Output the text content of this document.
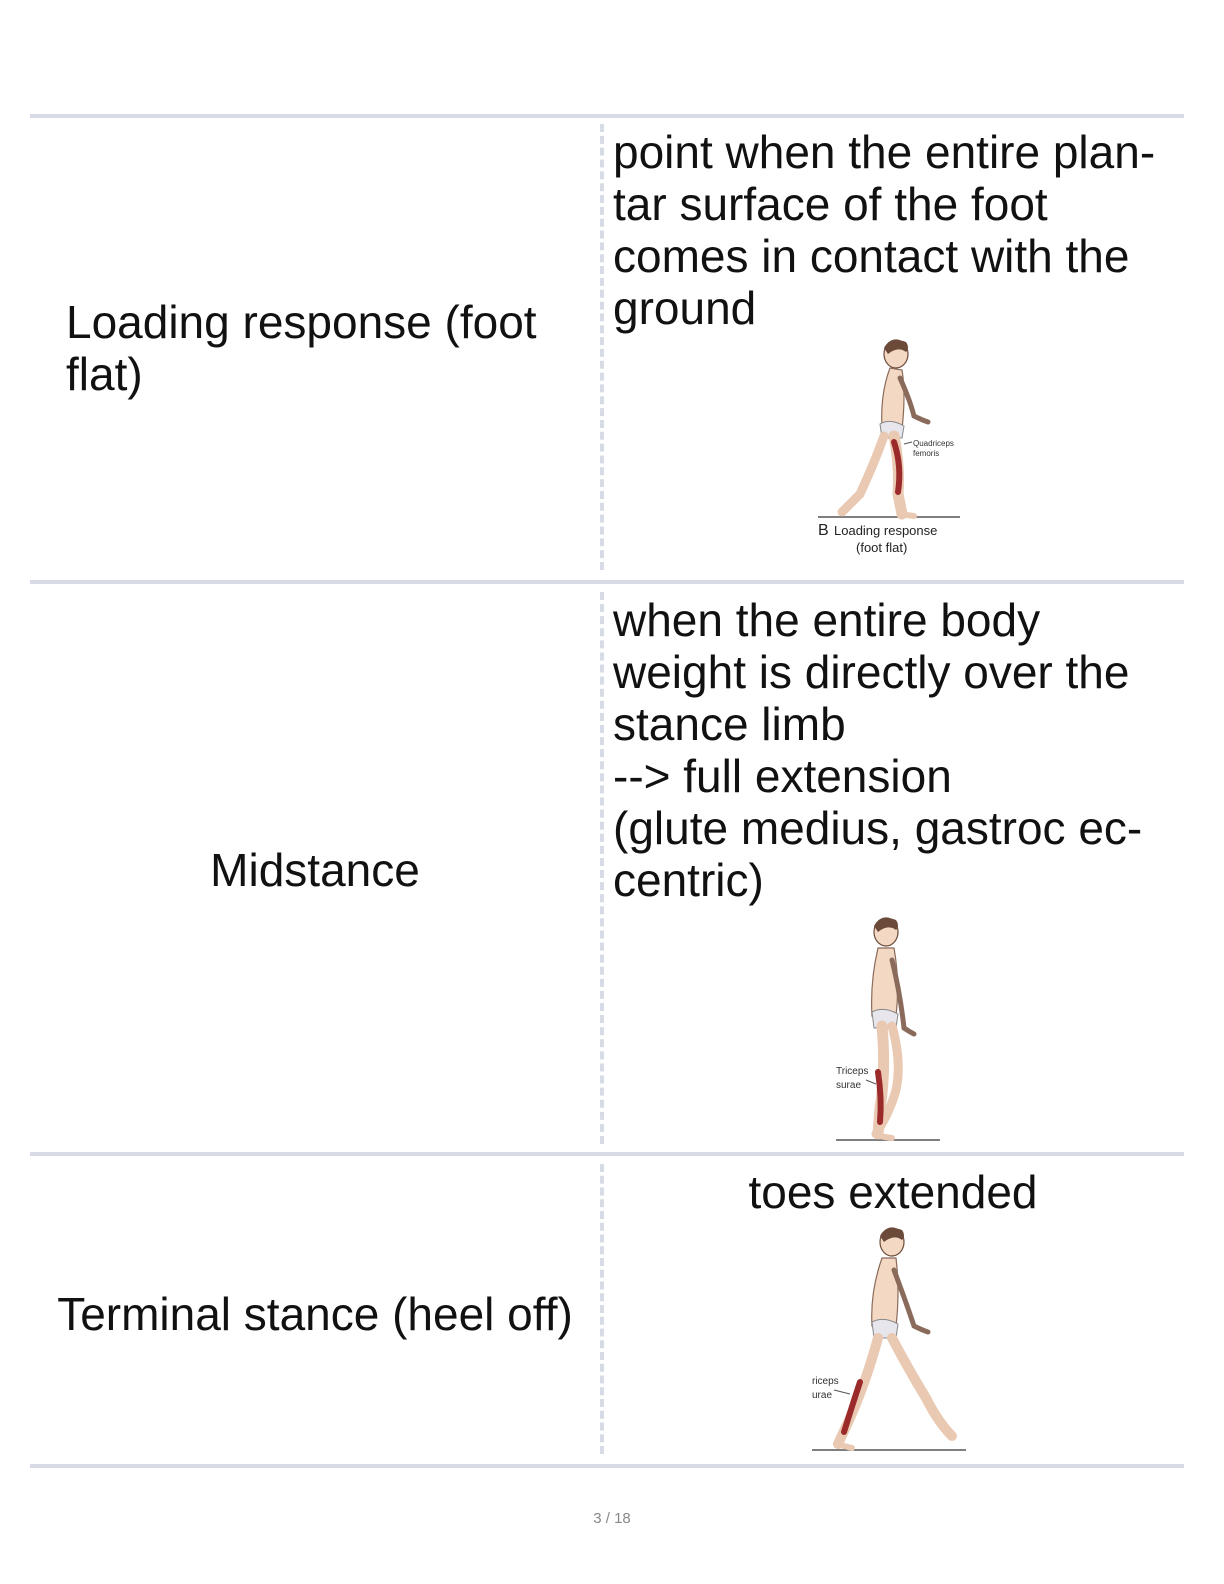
Loading response (foot flat)
point when the entire plan-
tar surface of the foot
comes in contact with the
ground
Quadriceps
femoris
B Loading response
(foot flat)
Midstance
when the entire body
weight is directly over the
stance limb
--> full extension
(glute medius, gastroc ec-
centric)
Triceps
surae
Terminal stance (heel off)
toes extended
riceps
urae
3 / 18
